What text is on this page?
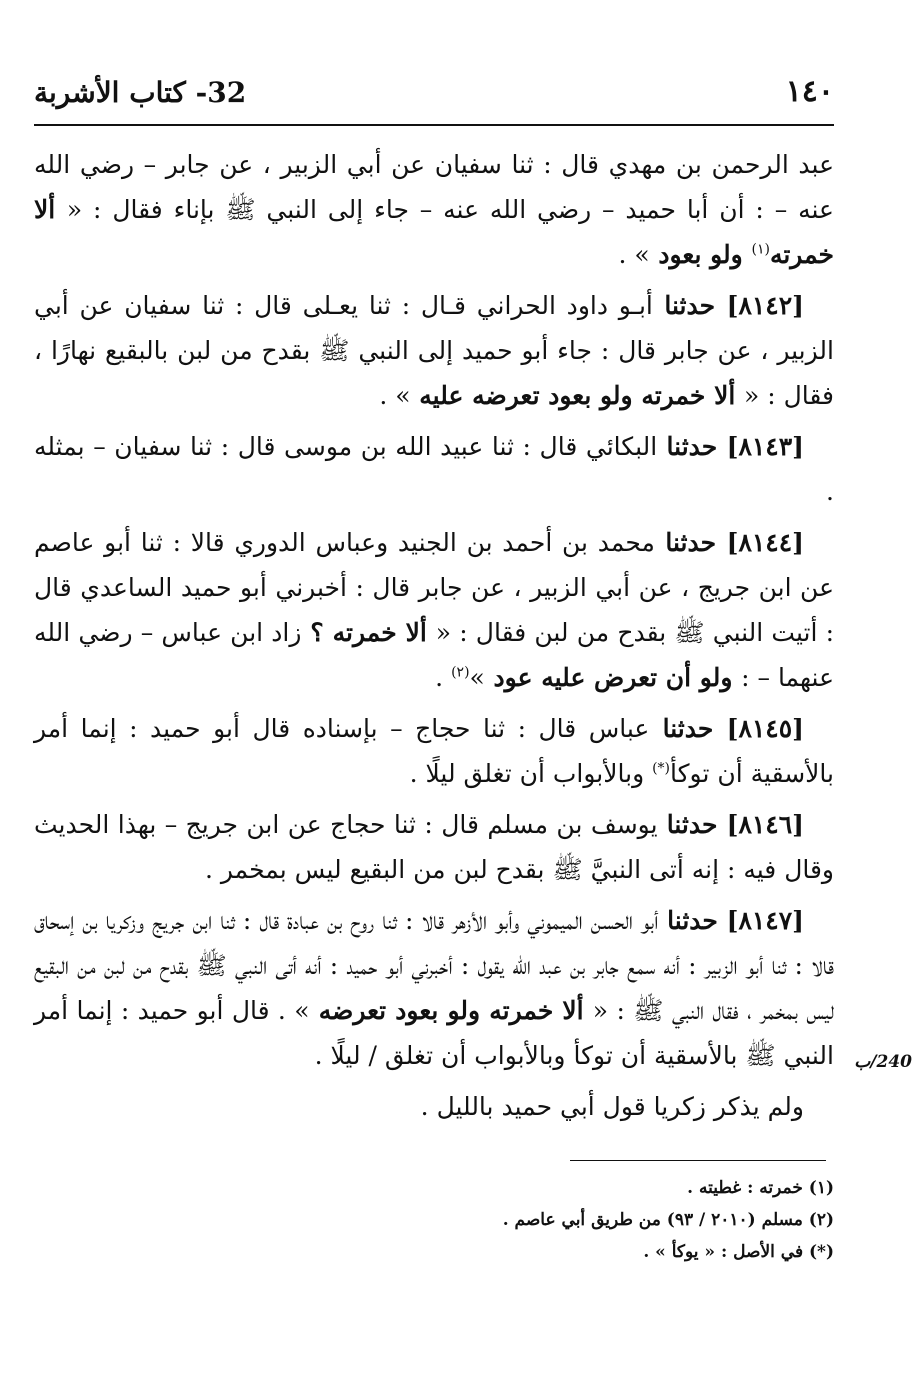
١٤٠
32- كتاب الأشربة

عبد الرحمن بن مهدي قال : ثنا سفيان عن أبي الزبير ، عن جابر – رضي الله عنه – : أن أبا حميد – رضي الله عنه – جاء إلى النبي ﷺ بإناء فقال : « ألا خمرته$^{(١)}$ ولو بعود » .

[٨١٤٢] حدثنا أبـو داود الحراني قـال : ثنا يعـلى قال : ثنا سفيان عن أبي الزبير ، عن جابر قال : جاء أبو حميد إلى النبي ﷺ بقدح من لبن بالبقيع نهارًا ، فقال : « ألا خمرته ولو بعود تعرضه عليه » .

[٨١٤٣] حدثنا البكائي قال : ثنا عبيد الله بن موسى قال : ثنا سفيان – بمثله .

[٨١٤٤] حدثنا محمد بن أحمد بن الجنيد وعباس الدوري قالا : ثنا أبو عاصم عن ابن جريج ، عن أبي الزبير ، عن جابر قال : أخبرني أبو حميد الساعدي قال : أتيت النبي ﷺ بقدح من لبن فقال : « ألا خمرته ؟ زاد ابن عباس – رضي الله عنهما – : ولو أن تعرض عليه عود »$^{(٢)}$ .

[٨١٤٥] حدثنا عباس قال : ثنا حجاج – بإسناده قال أبو حميد : إنما أمر بالأسقية أن توكأ(*) وبالأبواب أن تغلق ليلًا .

[٨١٤٦] حدثنا يوسف بن مسلم قال : ثنا حجاج عن ابن جريج – بهذا الحديث وقال فيه : إنه أتى النبيَّ ﷺ بقدح لبن من البقيع ليس بمخمر .

[٨١٤٧] حدثنا أبو الحسن الميموني وأبو الأزهر قالا : ثنا روح بن عبادة قال : ثنا ابن جريج وزكريا بن إسحاق قالا : ثنا أبو الزبير : أنه سمع جابر بن عبد الله يقول : أخبرني أبو حميد : أنه أتى النبي ﷺ بقدح من لبن من البقيع ليس بمخمر ، فقال النبي ﷺ : « ألا خمرته ولو بعود تعرضه » . قال أبو حميد : إنما أمر النبي ﷺ بالأسقية أن توكأ وبالأبواب أن تغلق / ليلًا .

ولم يذكر زكريا قول أبي حميد بالليل .

240/ب
(١) خمرته : غطيته .
(٢) مسلم (٢٠١٠ / ٩٣) من طريق أبي عاصم .
(*) في الأصل : « يوكأ » .
